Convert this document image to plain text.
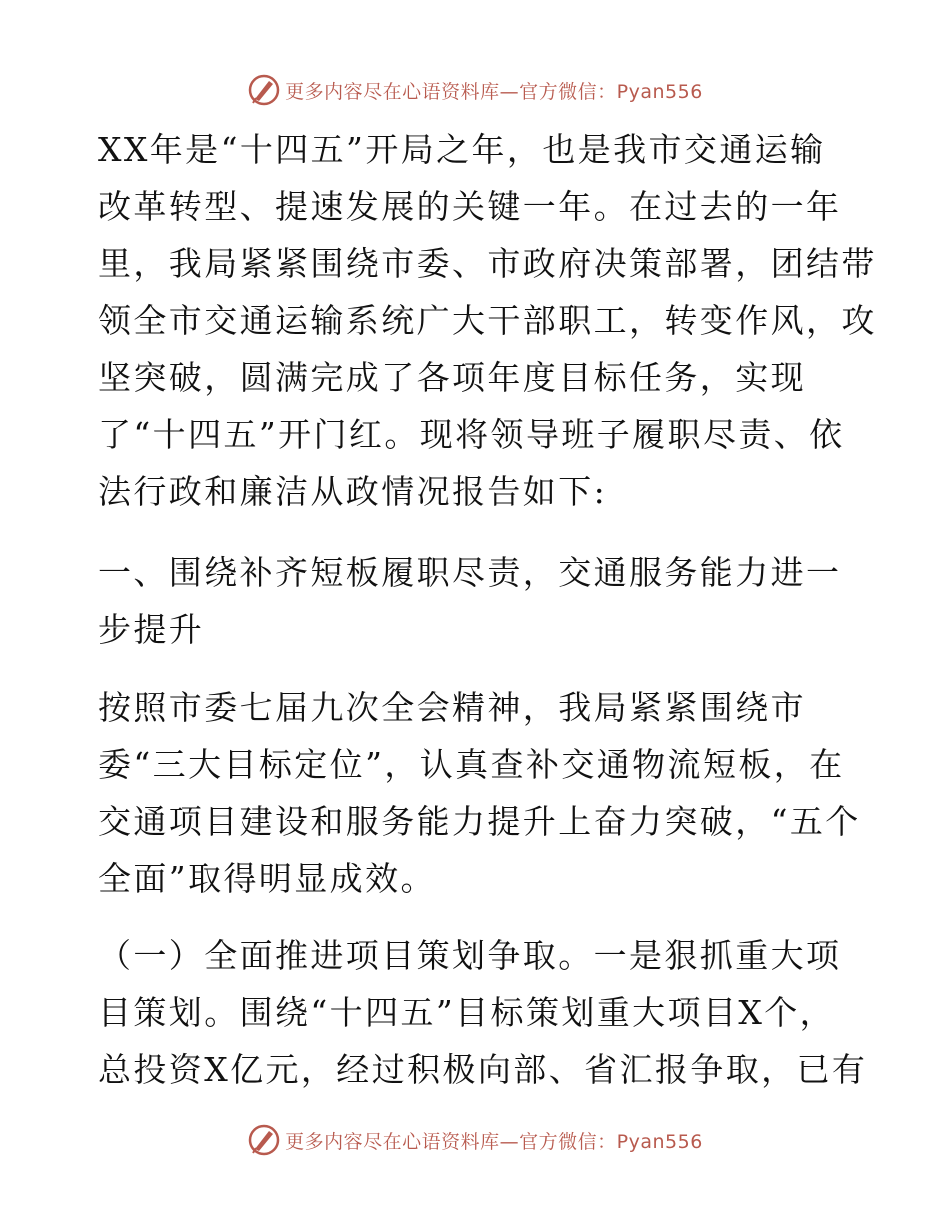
更多内容尽在心语资料库—官方微信：Pyan556
XX年是“十四五”开局之年，也是我市交通运输
改革转型、提速发展的关键一年。在过去的一年
里，我局紧紧围绕市委、市政府决策部署，团结带
领全市交通运输系统广大干部职工，转变作风，攻
坚突破，圆满完成了各项年度目标任务，实现
了“十四五”开门红。现将领导班子履职尽责、依
法行政和廉洁从政情况报告如下:
一、围绕补齐短板履职尽责，交通服务能力进一
步提升
按照市委七届九次全会精神，我局紧紧围绕市
委“三大目标定位”，认真查补交通物流短板，在
交通项目建设和服务能力提升上奋力突破，“五个
全面”取得明显成效。
（一）全面推进项目策划争取。一是狠抓重大项
目策划。围绕“十四五”目标策划重大项目X个，
总投资X亿元，经过积极向部、省汇报争取，已有
更多内容尽在心语资料库—官方微信：Pyan556
